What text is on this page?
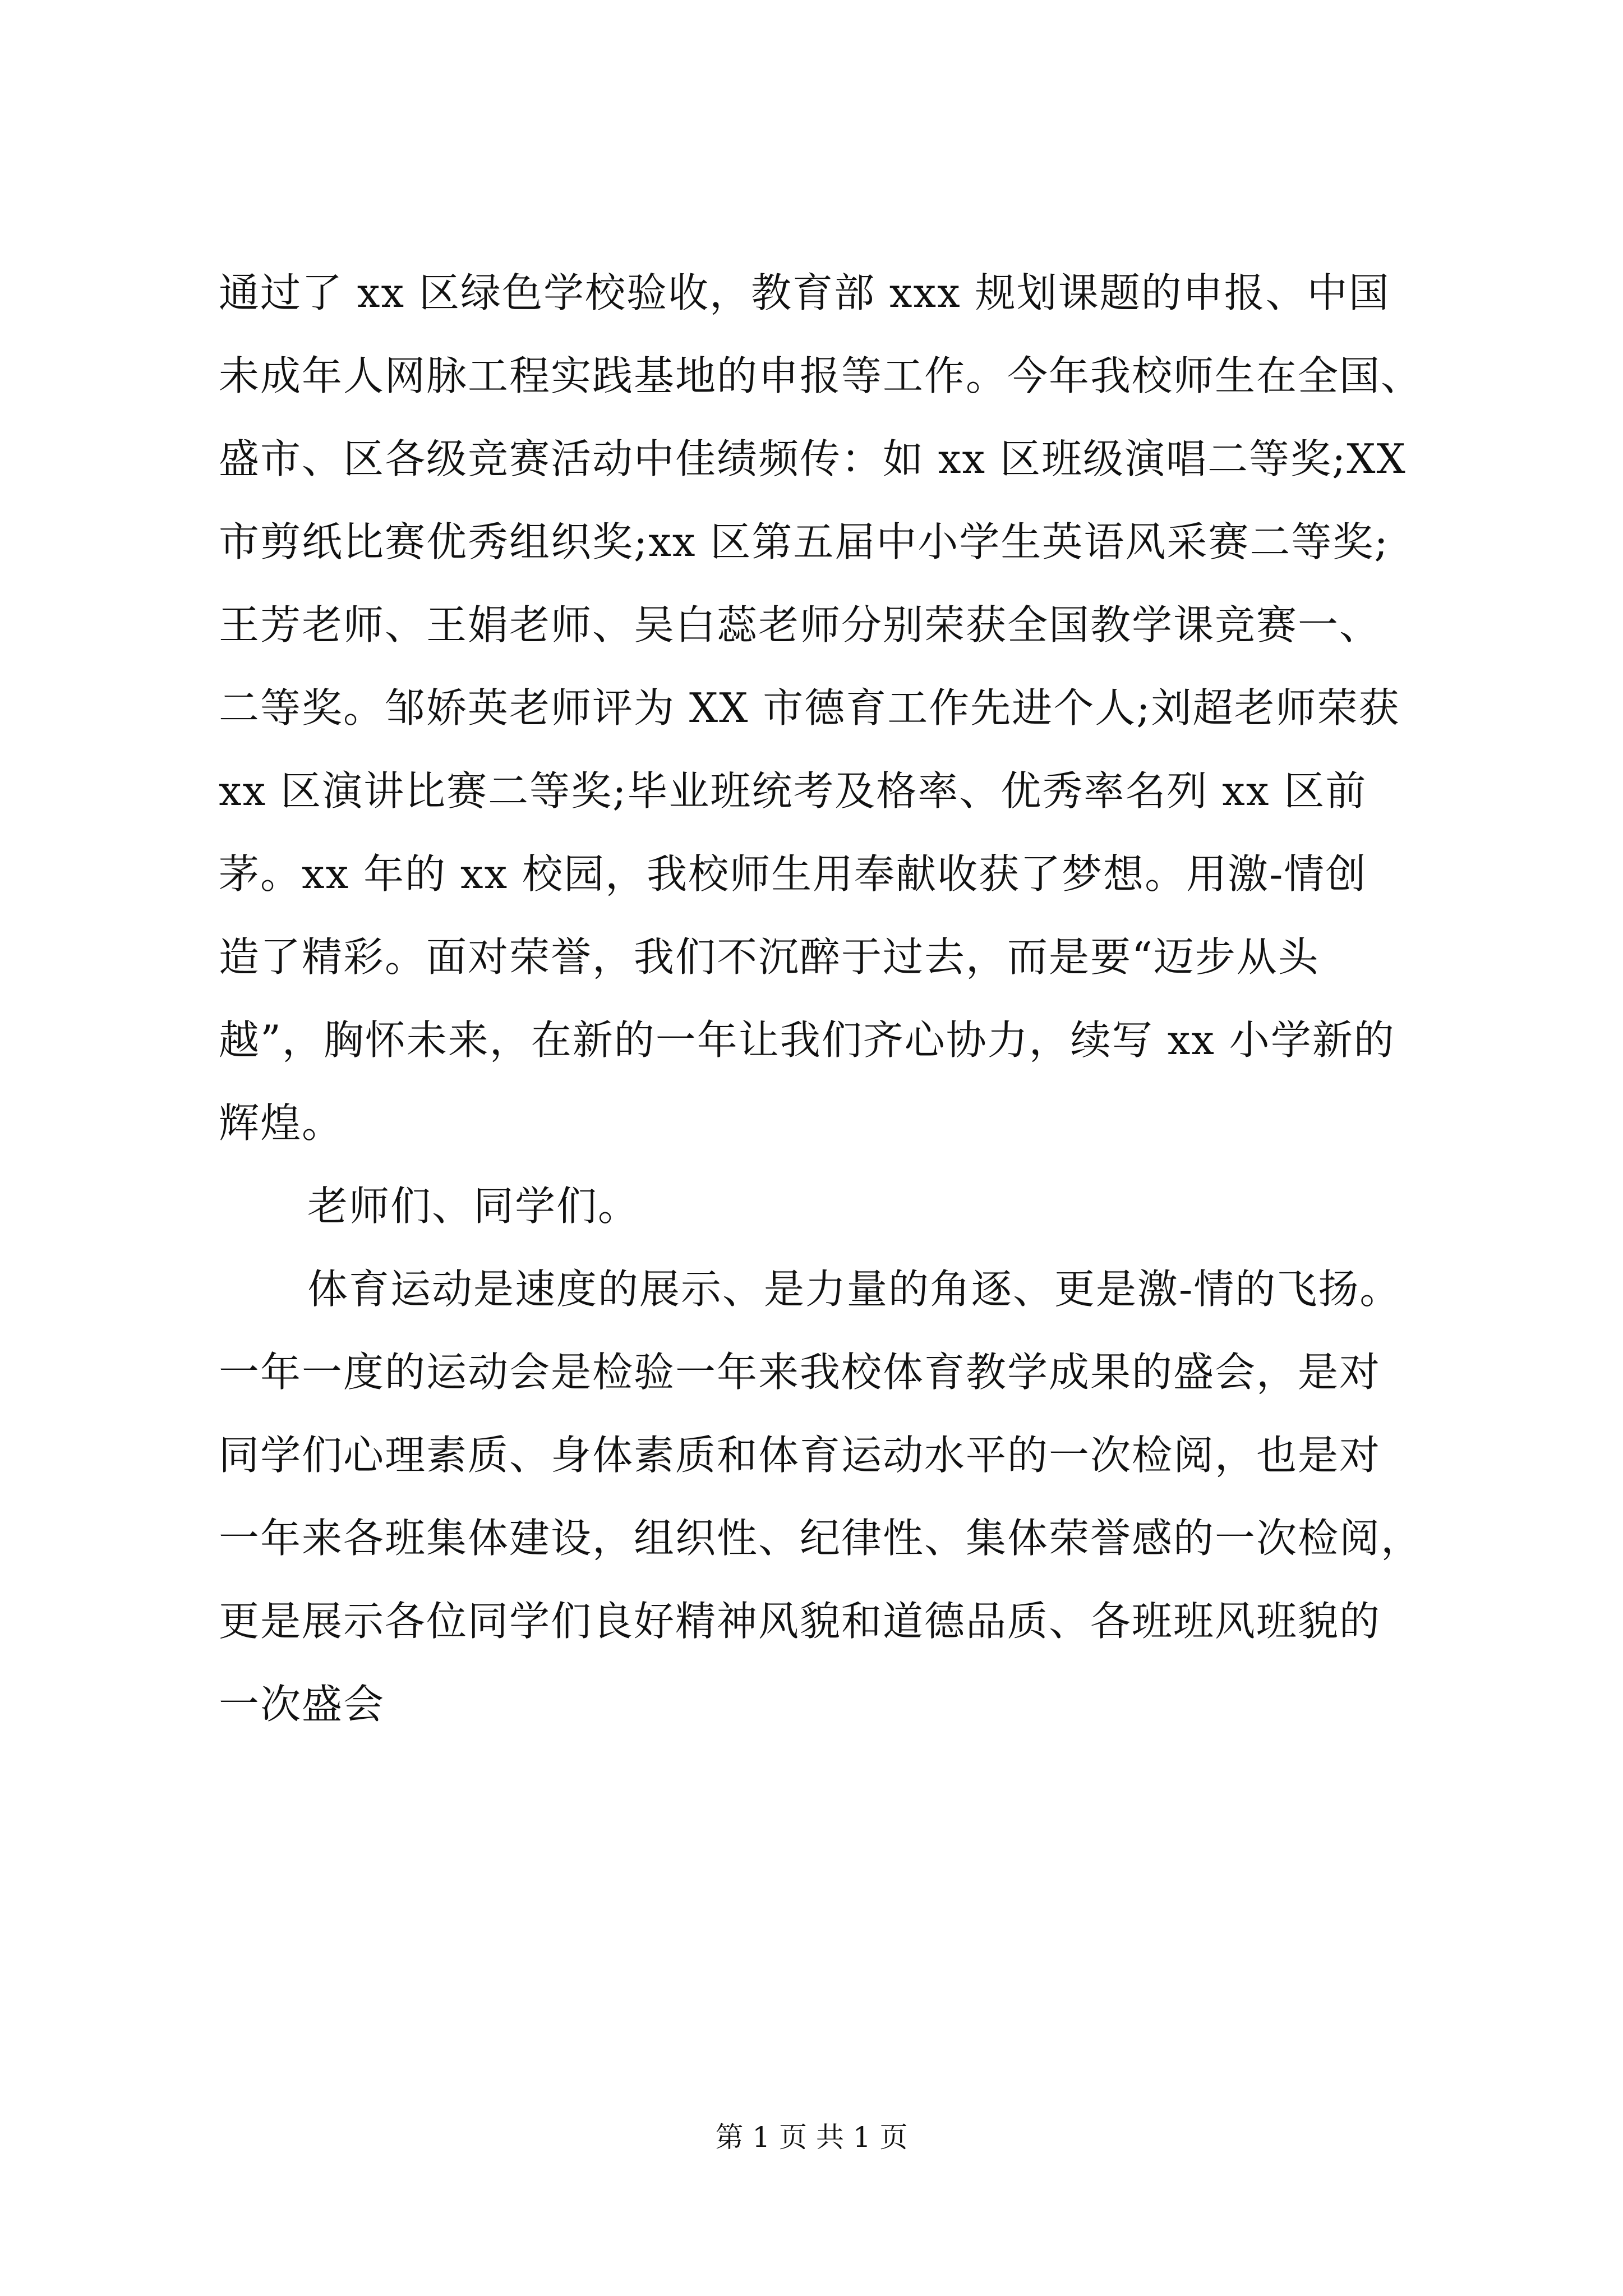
通过了 xx 区绿色学校验收，教育部 xxx 规划课题的申报、中国
未成年人网脉工程实践基地的申报等工作。今年我校师生在全国、
盛市、区各级竞赛活动中佳绩频传：如 xx 区班级演唱二等奖;XX
市剪纸比赛优秀组织奖;xx 区第五届中小学生英语风采赛二等奖;
王芳老师、王娟老师、吴白蕊老师分别荣获全国教学课竞赛一、
二等奖。邹娇英老师评为 XX 市德育工作先进个人;刘超老师荣获
xx 区演讲比赛二等奖;毕业班统考及格率、优秀率名列 xx 区前
茅。xx 年的 xx 校园，我校师生用奉献收获了梦想。用激-情创
造了精彩。面对荣誉，我们不沉醉于过去，而是要“迈步从头
越”，胸怀未来，在新的一年让我们齐心协力，续写 xx 小学新的
辉煌。
老师们、同学们。
体育运动是速度的展示、是力量的角逐、更是激-情的飞扬。
一年一度的运动会是检验一年来我校体育教学成果的盛会，是对
同学们心理素质、身体素质和体育运动水平的一次检阅，也是对
一年来各班集体建设，组织性、纪律性、集体荣誉感的一次检阅，
更是展示各位同学们良好精神风貌和道德品质、各班班风班貌的
一次盛会
第 1 页 共 1 页
